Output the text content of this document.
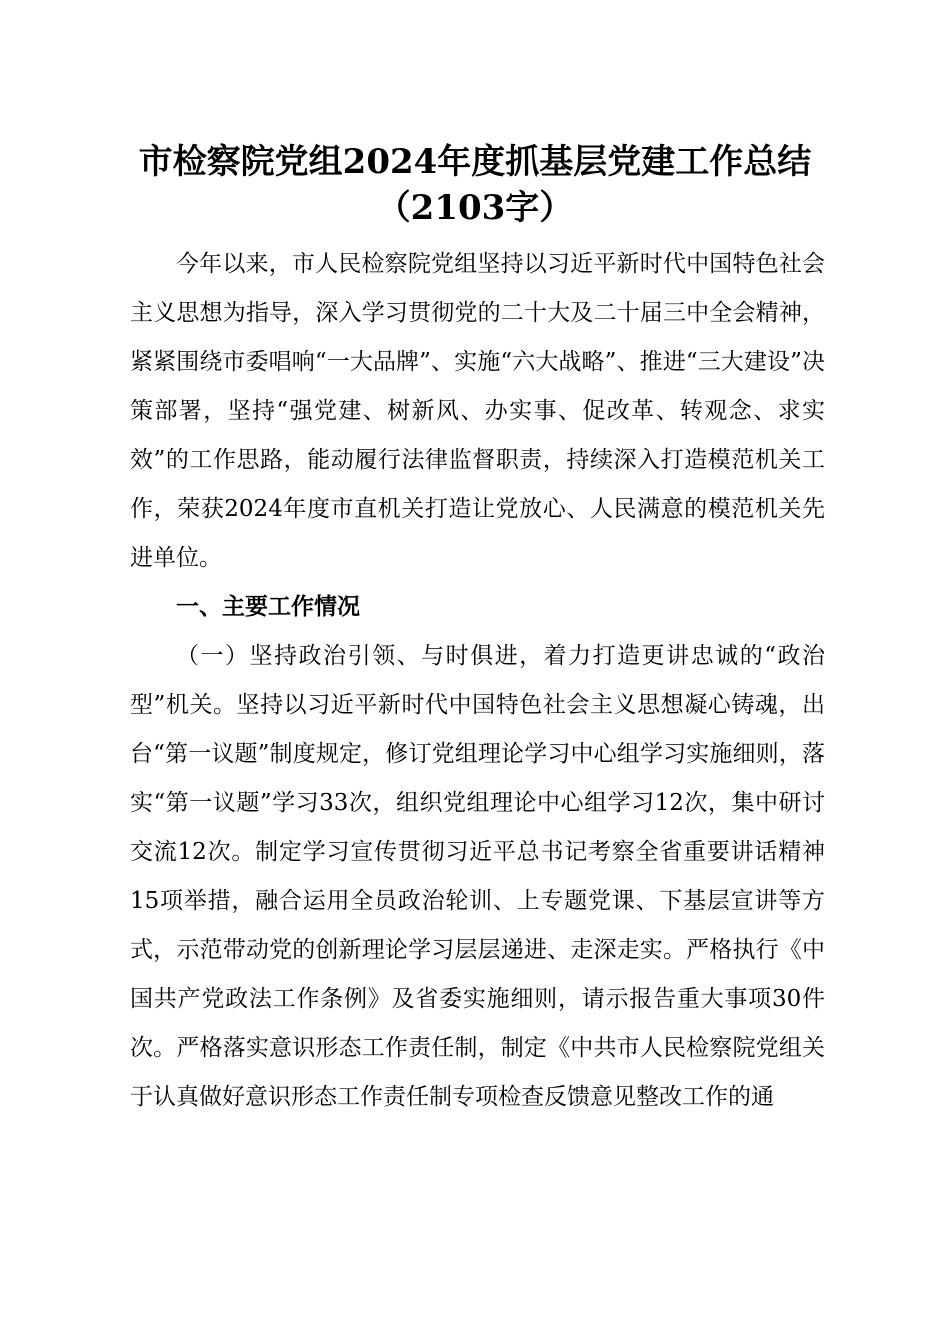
市检察院党组2024年度抓基层党建工作总结
（2103字）

今年以来，市人民检察院党组坚持以习近平新时代中国特色社会主义思想为指导，深入学习贯彻党的二十大及二十届三中全会精神，紧紧围绕市委唱响“一大品牌”、实施“六大战略”、推进“三大建设”决策部署，坚持“强党建、树新风、办实事、促改革、转观念、求实效”的工作思路，能动履行法律监督职责，持续深入打造模范机关工作，荣获2024年度市直机关打造让党放心、人民满意的模范机关先进单位。

一、主要工作情况

（一）坚持政治引领、与时俱进，着力打造更讲忠诚的“政治型”机关。坚持以习近平新时代中国特色社会主义思想凝心铸魂，出台“第一议题”制度规定，修订党组理论学习中心组学习实施细则，落实“第一议题”学习33次，组织党组理论中心组学习12次，集中研讨交流12次。制定学习宣传贯彻习近平总书记考察全省重要讲话精神15项举措，融合运用全员政治轮训、上专题党课、下基层宣讲等方式，示范带动党的创新理论学习层层递进、走深走实。严格执行《中国共产党政法工作条例》及省委实施细则，请示报告重大事项30件次。严格落实意识形态工作责任制，制定《中共市人民检察院党组关于认真做好意识形态工作责任制专项检查反馈意见整改工作的通
